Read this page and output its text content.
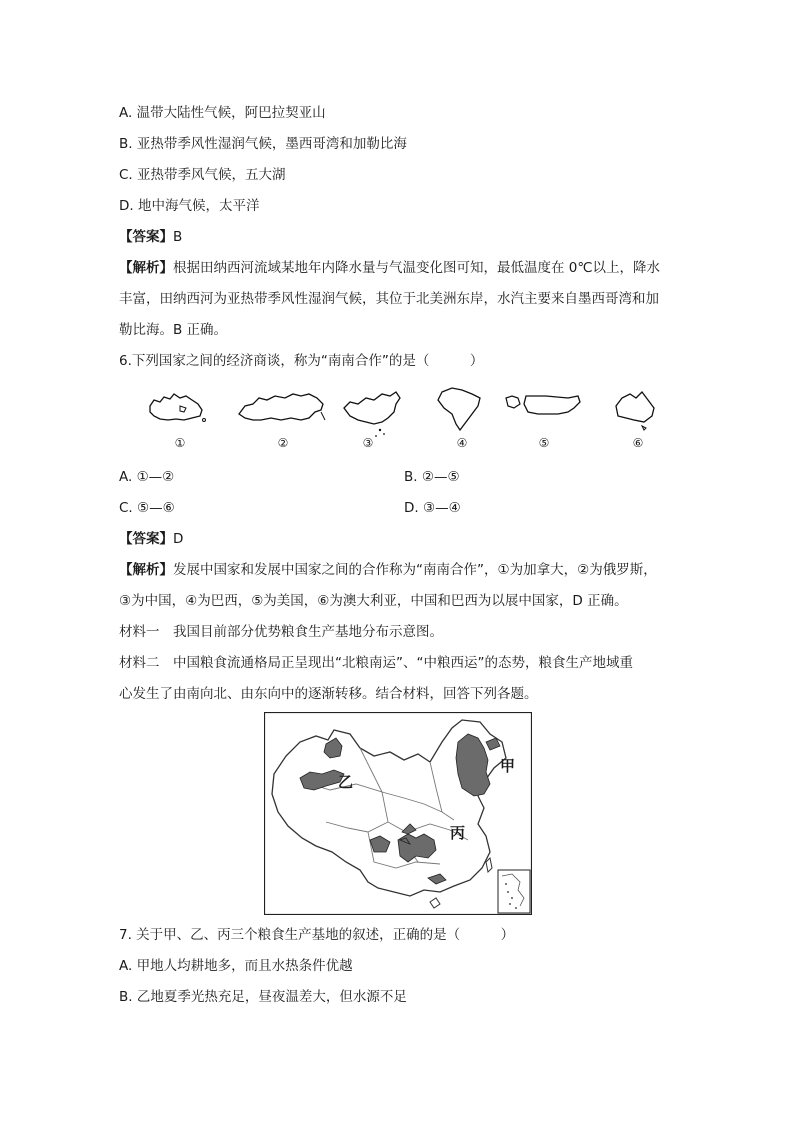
A. 温带大陆性气候，阿巴拉契亚山
B. 亚热带季风性湿润气候，墨西哥湾和加勒比海
C. 亚热带季风气候，五大湖
D. 地中海气候，太平洋
【答案】B
【解析】根据田纳西河流域某地年内降水量与气温变化图可知，最低温度在 0℃以上，降水
丰富，田纳西河为亚热带季风性湿润气候，其位于北美洲东岸，水汽主要来自墨西哥湾和加
勒比海。B 正确。
6.下列国家之间的经济商谈，称为“南南合作”的是（　　　）
①	②	③	④	⑤	⑥
A. ①—②	B. ②—⑤
C. ⑤—⑥	D. ③—④
【答案】D
【解析】发展中国家和发展中国家之间的合作称为“南南合作”，①为加拿大，②为俄罗斯，
③为中国，④为巴西，⑤为美国，⑥为澳大利亚，中国和巴西为以展中国家，D 正确。
材料一　我国目前部分优势粮食生产基地分布示意图。
材料二　中国粮食流通格局正呈现出“北粮南运”、“中粮西运”的态势，粮食生产地域重
心发生了由南向北、由东向中的逐渐转移。结合材料，回答下列各题。
甲
乙
丙
7. 关于甲、乙、丙三个粮食生产基地的叙述，正确的是（　　　）
A. 甲地人均耕地多，而且水热条件优越
B. 乙地夏季光热充足，昼夜温差大，但水源不足
